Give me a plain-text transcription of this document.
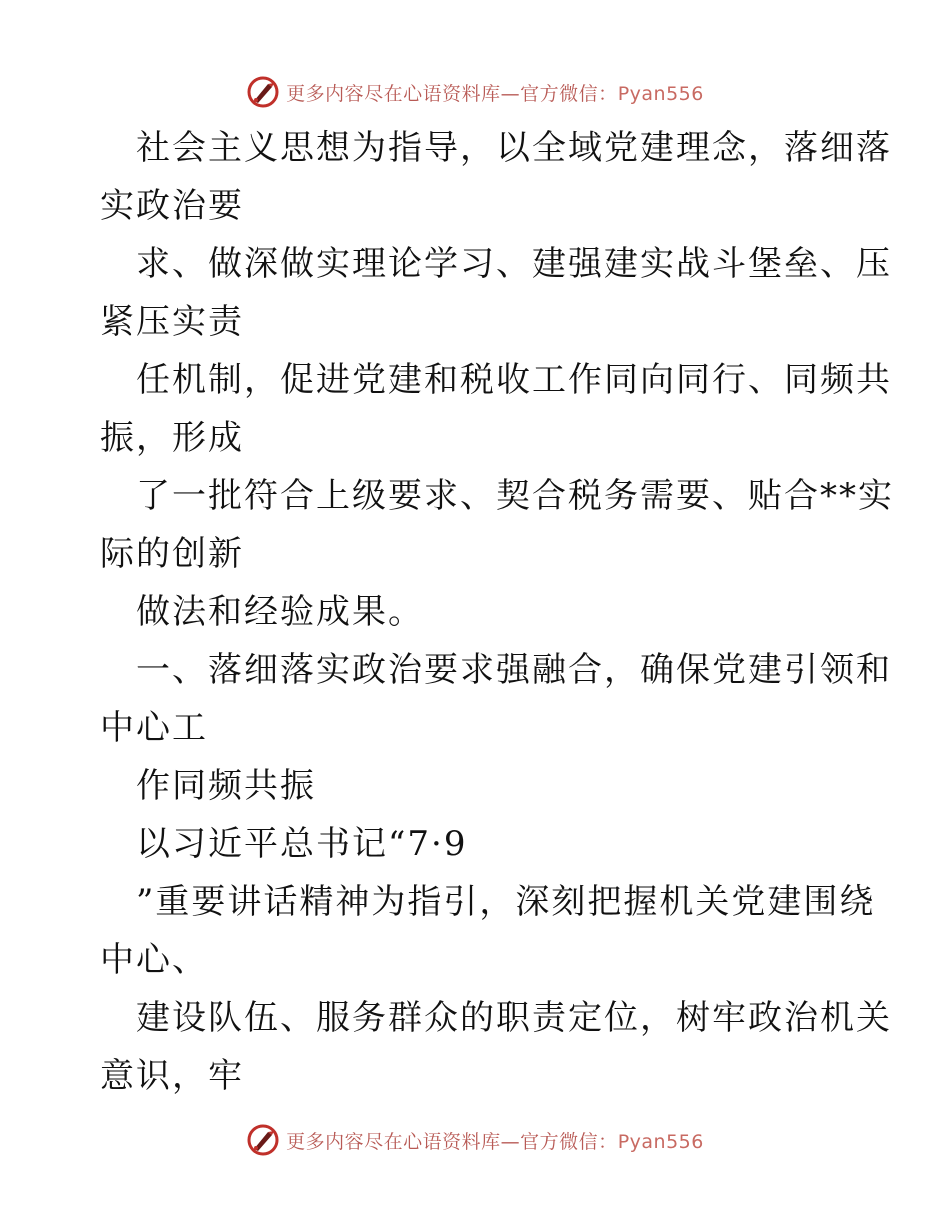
更多内容尽在心语资料库—官方微信：Pyan556
社会主义思想为指导，以全域党建理念，落细落
实政治要
求、做深做实理论学习、建强建实战斗堡垒、压
紧压实责
任机制，促进党建和税收工作同向同行、同频共
振，形成
了一批符合上级要求、契合税务需要、贴合**实
际的创新
做法和经验成果。
一、落细落实政治要求强融合，确保党建引领和
中心工
作同频共振
以习近平总书记“7·9
”重要讲话精神为指引，深刻把握机关党建围绕
中心、
建设队伍、服务群众的职责定位，树牢政治机关
意识，牢
更多内容尽在心语资料库—官方微信：Pyan556
